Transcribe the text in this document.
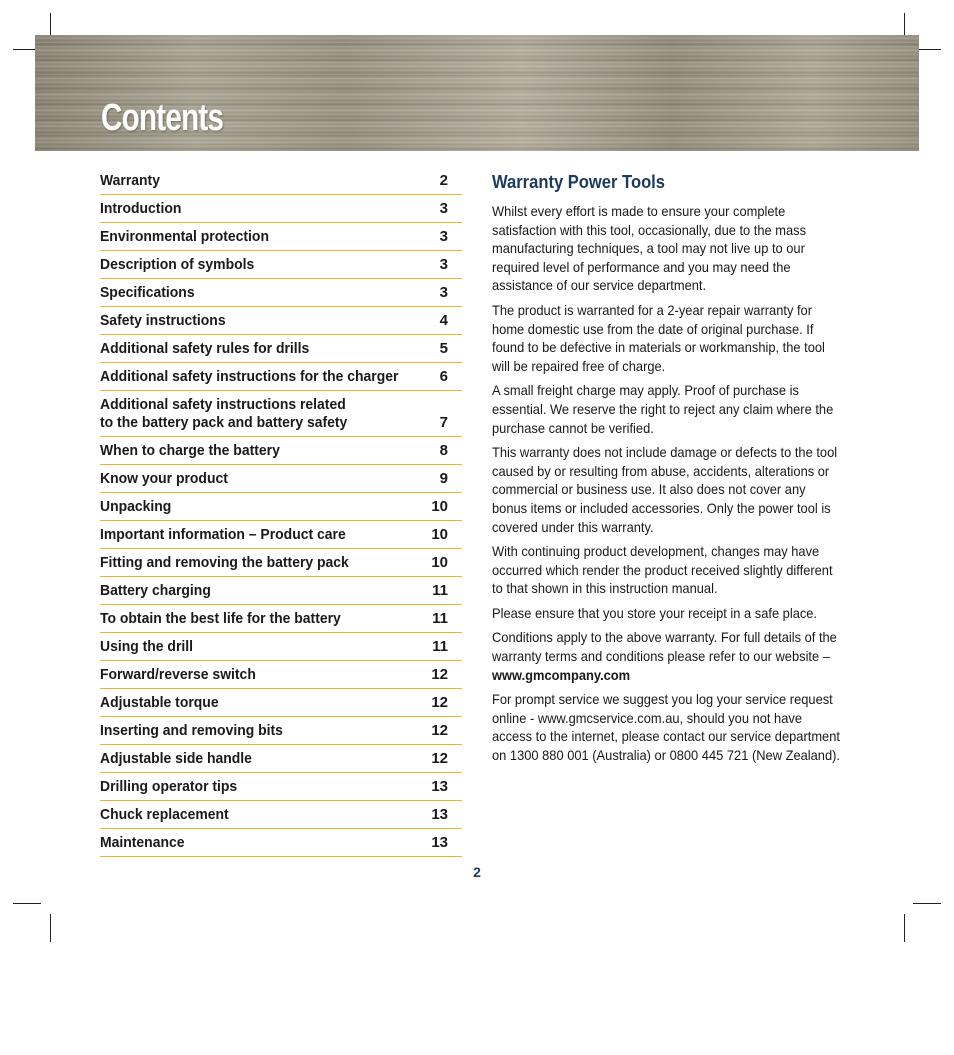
Contents
Warranty	2
Introduction	3
Environmental protection	3
Description of symbols	3
Specifications	3
Safety instructions	4
Additional safety rules for drills	5
Additional safety instructions for the charger	6
Additional safety instructions related
to the battery pack and battery safety	7
When to charge the battery	8
Know your product	9
Unpacking	10
Important information – Product care	10
Fitting and removing the battery pack	10
Battery charging	11
To obtain the best life for the battery	11
Using the drill	11
Forward/reverse switch	12
Adjustable torque	12
Inserting and removing bits	12
Adjustable side handle	12
Drilling operator tips	13
Chuck replacement	13
Maintenance	13
Warranty Power Tools

Whilst every effort is made to ensure your complete satisfaction with this tool, occasionally, due to the mass manufacturing techniques, a tool may not live up to our required level of performance and you may need the assistance of our service department.

The product is warranted for a 2-year repair warranty for home domestic use from the date of original purchase. If found to be defective in materials or workmanship, the tool will be repaired free of charge.

A small freight charge may apply. Proof of purchase is essential. We reserve the right to reject any claim where the purchase cannot be verified.

This warranty does not include damage or defects to the tool caused by or resulting from abuse, accidents, alterations or commercial or business use. It also does not cover any bonus items or included accessories. Only the power tool is covered under this warranty.

With continuing product development, changes may have occurred which render the product received slightly different to that shown in this instruction manual.

Please ensure that you store your receipt in a safe place.

Conditions apply to the above warranty. For full details of the warranty terms and conditions please refer to our website – www.gmcompany.com

For prompt service we suggest you log your service request online - www.gmcservice.com.au, should you not have access to the internet, please contact our service department on 1300 880 001 (Australia) or 0800 445 721 (New Zealand).

2
